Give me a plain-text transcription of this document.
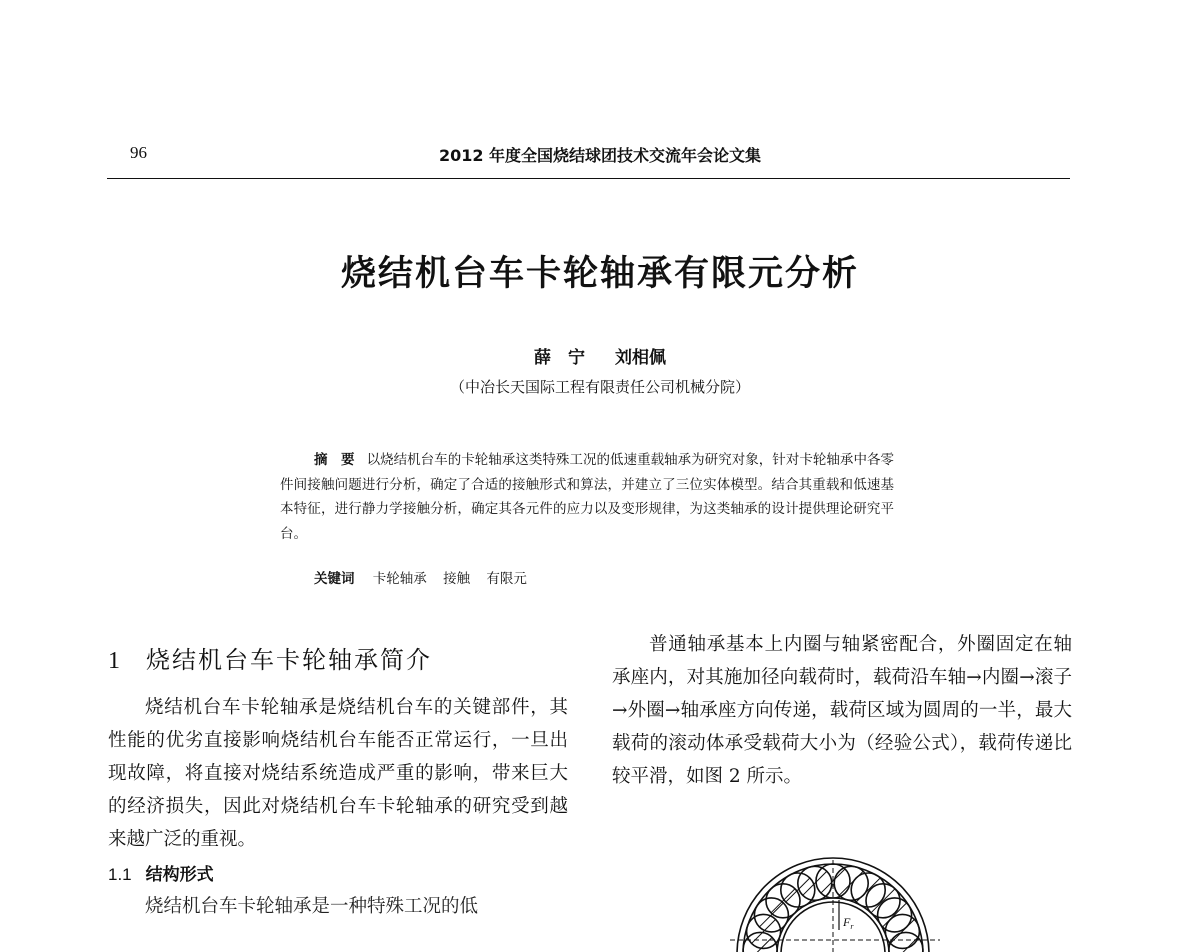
96	2012 年度全国烧结球团技术交流年会论文集
烧结机台车卡轮轴承有限元分析
薛　宁 刘相佩
（中冶长天国际工程有限责任公司机械分院）
摘　要 以烧结机台车的卡轮轴承这类特殊工况的低速重载轴承为研究对象，针对卡轮轴承中各零件间接触问题进行分析，确定了合适的接触形式和算法，并建立了三位实体模型。结合其重载和低速基本特征，进行静力学接触分析，确定其各元件的应力以及变形规律，为这类轴承的设计提供理论研究平台。
关键词 卡轮轴承 接触 有限元
1 烧结机台车卡轮轴承简介

烧结机台车卡轮轴承是烧结机台车的关键部件，其性能的优劣直接影响烧结机台车能否正常运行，一旦出现故障，将直接对烧结系统造成严重的影响，带来巨大的经济损失，因此对烧结机台车卡轮轴承的研究受到越来越广泛的重视。

1.1 结构形式

烧结机台车卡轮轴承是一种特殊工况的低

普通轴承基本上内圈与轴紧密配合，外圈固定在轴承座内，对其施加径向载荷时，载荷沿车轴→内圈→滚子→外圈→轴承座方向传递，载荷区域为圆周的一半，最大载荷的滚动体承受载荷大小为（经验公式），载荷传递比较平滑，如图 2 所示。

$F_r$
